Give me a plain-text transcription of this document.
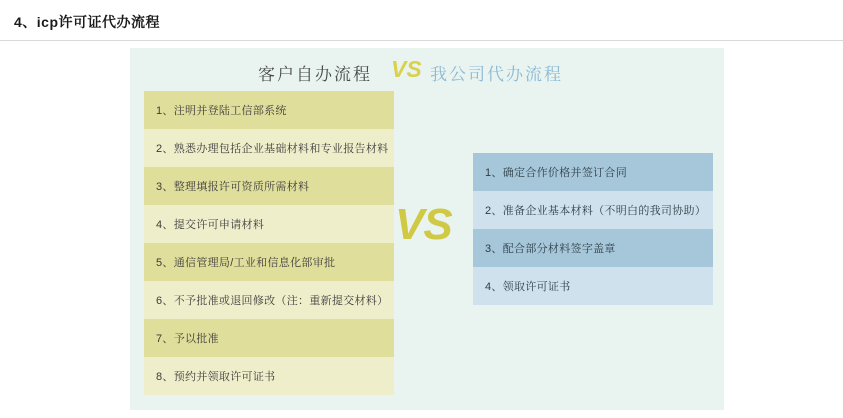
4、icp许可证代办流程
客户自办流程 VS 我公司代办流程
1、注明并登陆工信部系统
2、熟悉办理包括企业基础材料和专业报告材料
3、整理填报许可资质所需材料
4、提交许可申请材料
5、通信管理局/工业和信息化部审批
6、不予批准或退回修改（注：重新提交材料）
7、予以批准
8、预约并领取许可证书
VS
1、确定合作价格并签订合同
2、准备企业基本材料（不明白的我司协助）
3、配合部分材料签字盖章
4、领取许可证书
